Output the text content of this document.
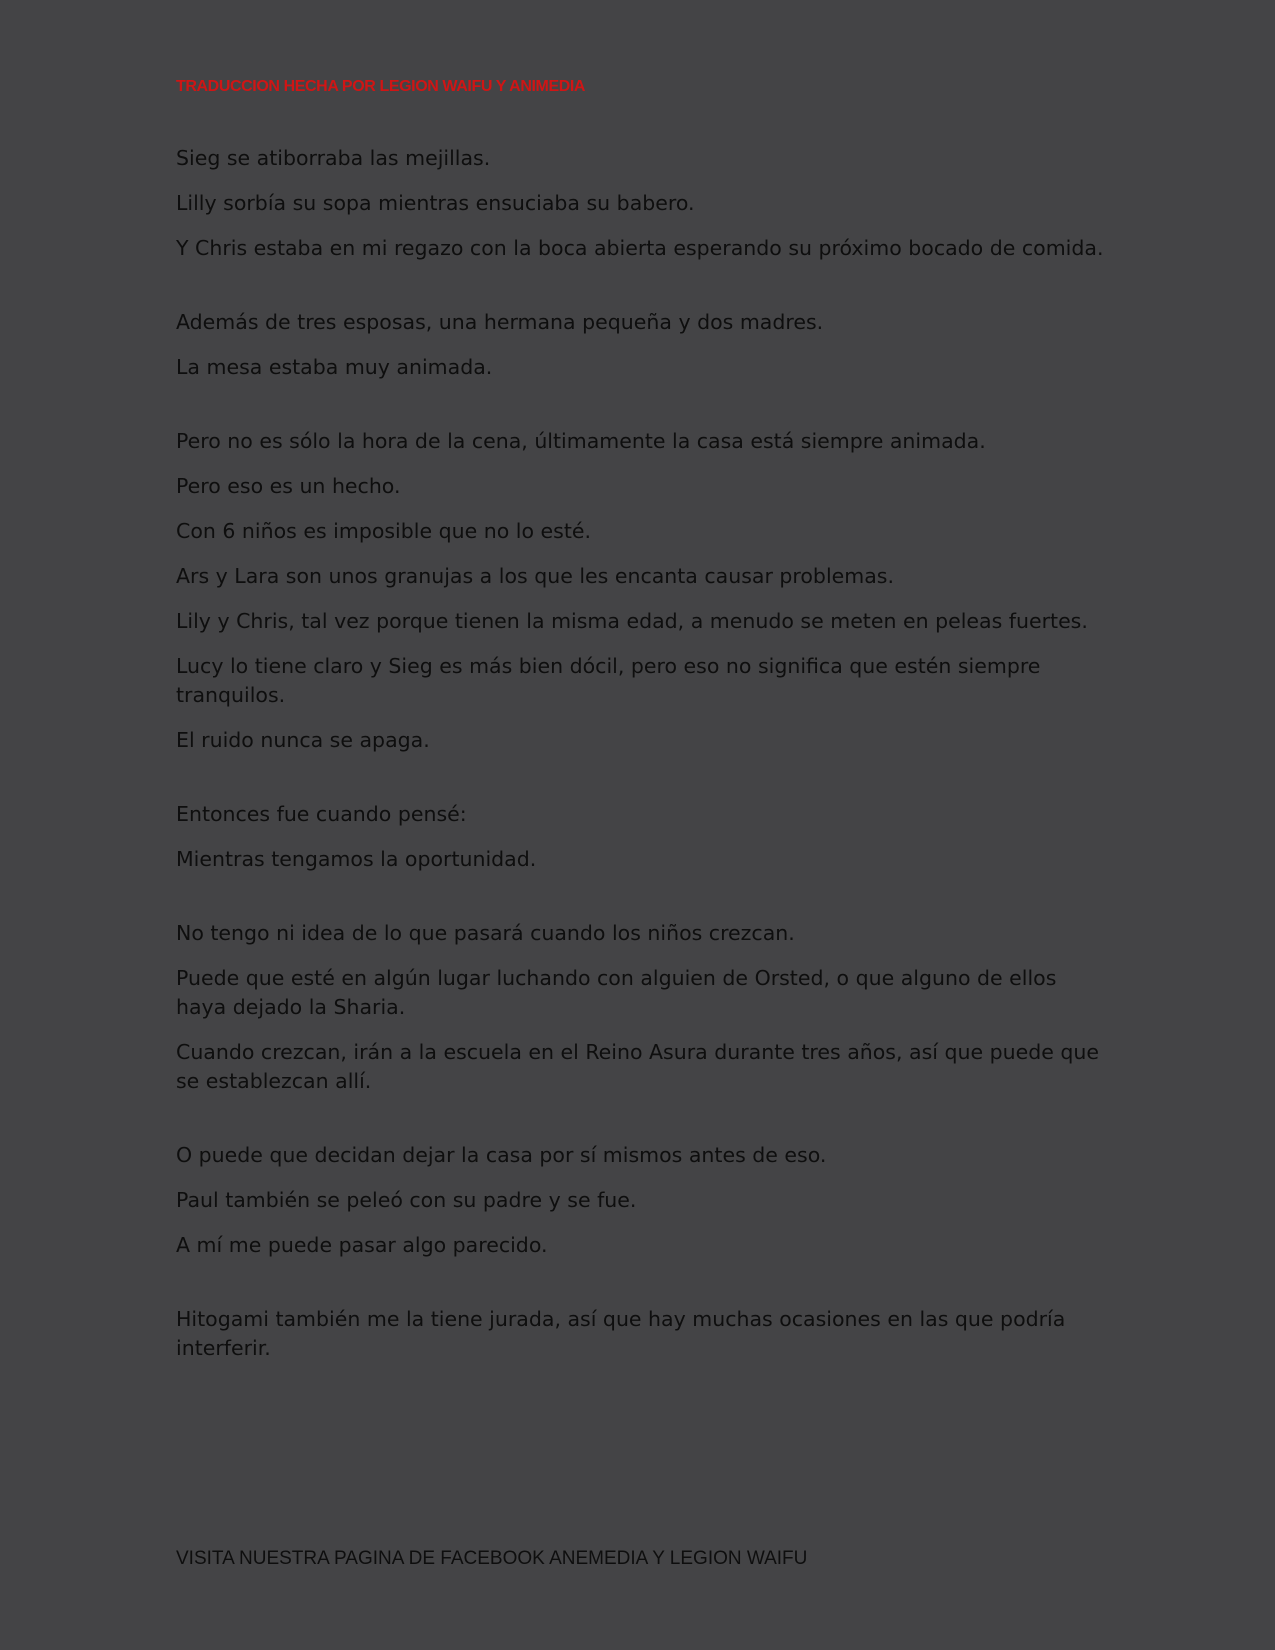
TRADUCCION HECHA POR LEGION WAIFU Y ANIMEDIA

Sieg se atiborraba las mejillas.

Lilly sorbía su sopa mientras ensuciaba su babero.

Y Chris estaba en mi regazo con la boca abierta esperando su próximo bocado de comida.

Además de tres esposas, una hermana pequeña y dos madres.

La mesa estaba muy animada.

Pero no es sólo la hora de la cena, últimamente la casa está siempre animada.

Pero eso es un hecho.

Con 6 niños es imposible que no lo esté.

Ars y Lara son unos granujas a los que les encanta causar problemas.

Lily y Chris, tal vez porque tienen la misma edad, a menudo se meten en peleas fuertes.

Lucy lo tiene claro y Sieg es más bien dócil, pero eso no significa que estén siempre tranquilos.

El ruido nunca se apaga.

Entonces fue cuando pensé:

Mientras tengamos la oportunidad.

No tengo ni idea de lo que pasará cuando los niños crezcan.

Puede que esté en algún lugar luchando con alguien de Orsted, o que alguno de ellos haya dejado la Sharia.

Cuando crezcan, irán a la escuela en el Reino Asura durante tres años, así que puede que se establezcan allí.

O puede que decidan dejar la casa por sí mismos antes de eso.

Paul también se peleó con su padre y se fue.

A mí me puede pasar algo parecido.

Hitogami también me la tiene jurada, así que hay muchas ocasiones en las que podría interferir.

VISITA NUESTRA PAGINA DE FACEBOOK ANEMEDIA Y LEGION WAIFU
